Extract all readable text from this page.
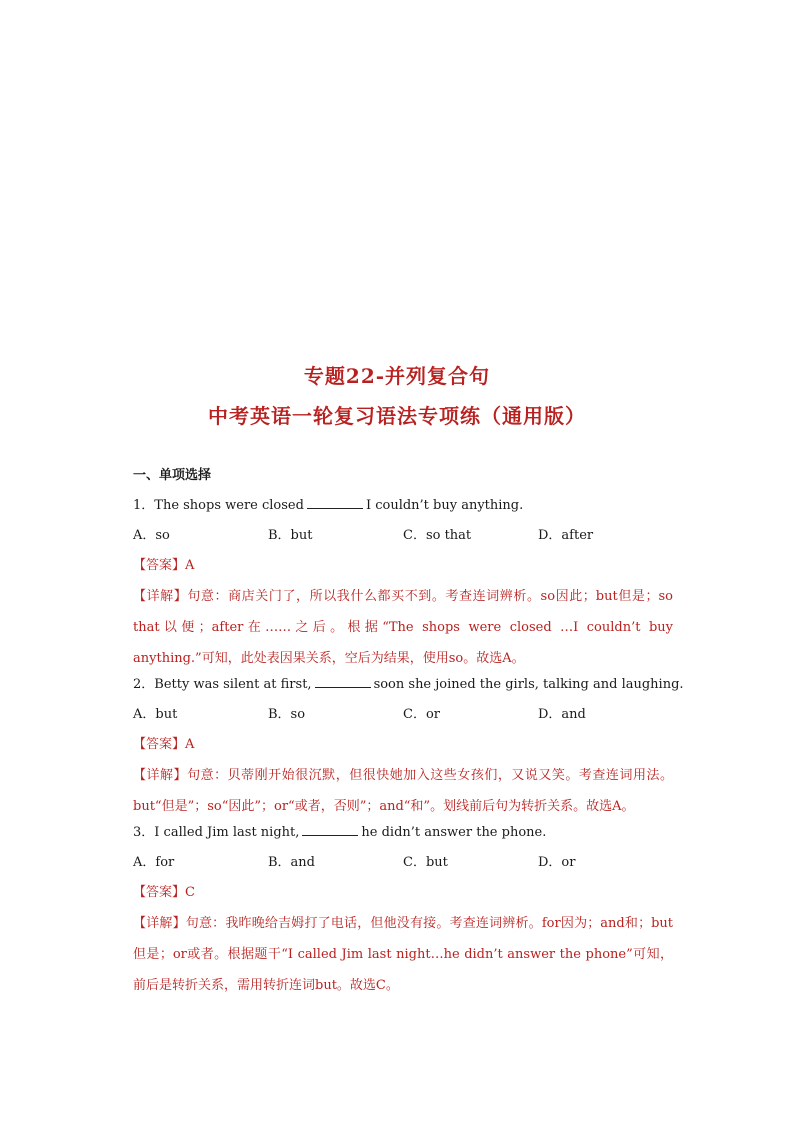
专题22-并列复合句
中考英语一轮复习语法专项练（通用版）
一、单项选择
1．The shops were closed	I couldn’t buy anything.
A．so	B．but	C．so that	D．after
【答案】A
【详解】句意：商店关门了，所以我什么都买不到。考查连词辨析。so因此；but但是；so that以便；after在……之后。根据“The shops were closed …I couldn’t buy anything.”可知，此处表因果关系，空后为结果，使用so。故选A。
2．Betty was silent at first,	soon she joined the girls, talking and laughing.
A．but	B．so	C．or	D．and
【答案】A
【详解】句意：贝蒂刚开始很沉默，但很快她加入这些女孩们，又说又笑。考查连词用法。but“但是”；so“因此”；or“或者，否则”；and“和”。划线前后句为转折关系。故选A。
3．I called Jim last night,	he didn’t answer the phone.
A．for	B．and	C．but	D．or
【答案】C
【详解】句意：我昨晚给吉姆打了电话，但他没有接。考查连词辨析。for因为；and和；but但是；or或者。根据题干“I called Jim last night…he didn’t answer the phone”可知，前后是转折关系，需用转折连词but。故选C。
